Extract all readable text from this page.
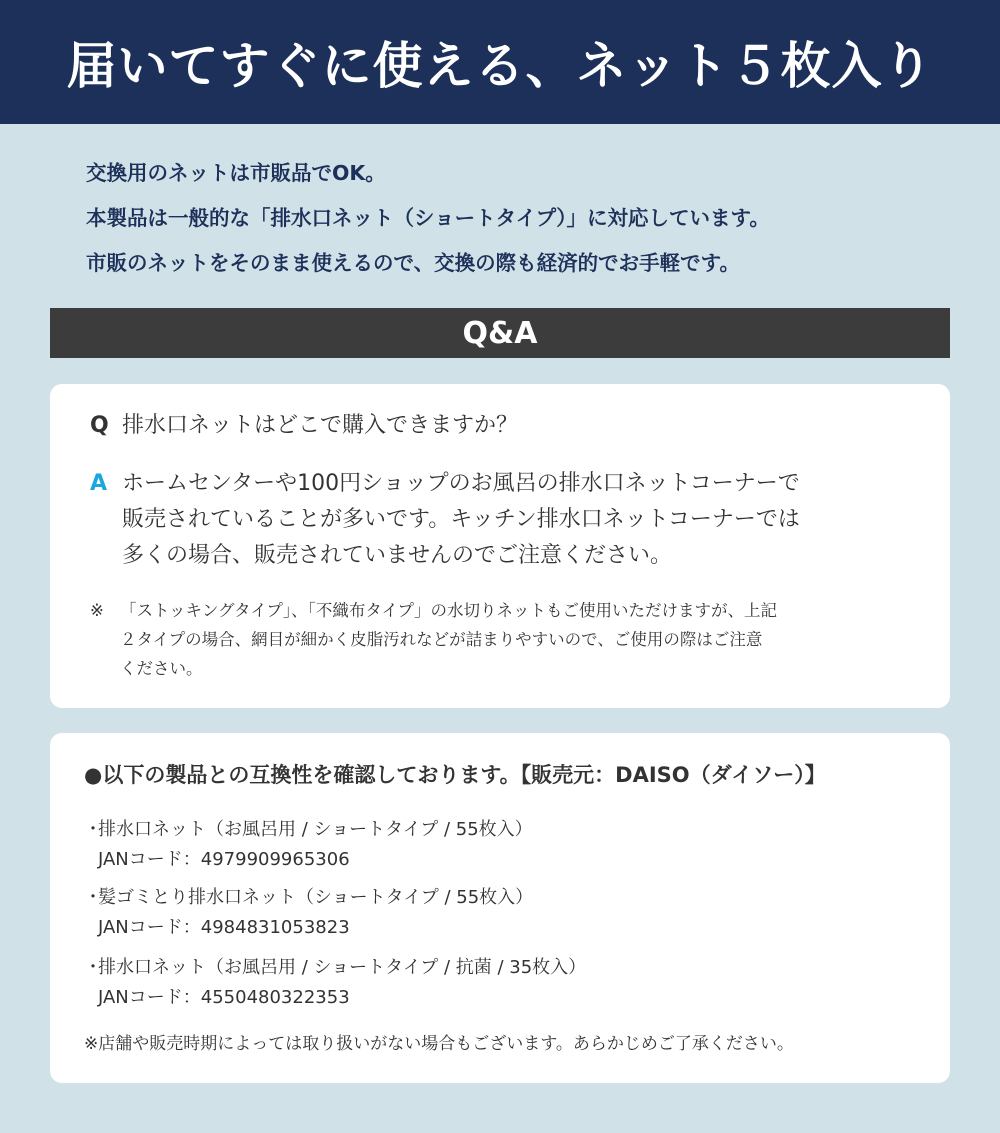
届いてすぐに使える、ネット５枚入り

交換用のネットは市販品でOK。

本製品は一般的な「排水口ネット（ショートタイプ）」に対応しています。

市販のネットをそのまま使えるので、交換の際も経済的でお手軽です。

Q&A
Q 排水口ネットはどこで購入できますか？
A ホームセンターや100円ショップのお風呂の排水口ネットコーナーで

販売されていることが多いです。キッチン排水口ネットコーナーでは

多くの場合、販売されていませんのでご注意ください。

※ 「ストッキングタイプ」、「不織布タイプ」の水切りネットもご使用いただけますが、上記

２タイプの場合、網目が細かく皮脂汚れなどが詰まりやすいので、ご使用の際はご注意

ください。

●以下の製品との互換性を確認しております。【販売元：DAISO（ダイソー）】
・

排水口ネット（お風呂用 / ショートタイプ / 55枚入）

JANコード：4979909965306

・

髪ゴミとり排水口ネット（ショートタイプ / 55枚入）

JANコード：4984831053823

・

排水口ネット（お風呂用 / ショートタイプ / 抗菌 / 35枚入）

JANコード：4550480322353

※店舗や販売時期によっては取り扱いがない場合もございます。あらかじめご了承ください。
